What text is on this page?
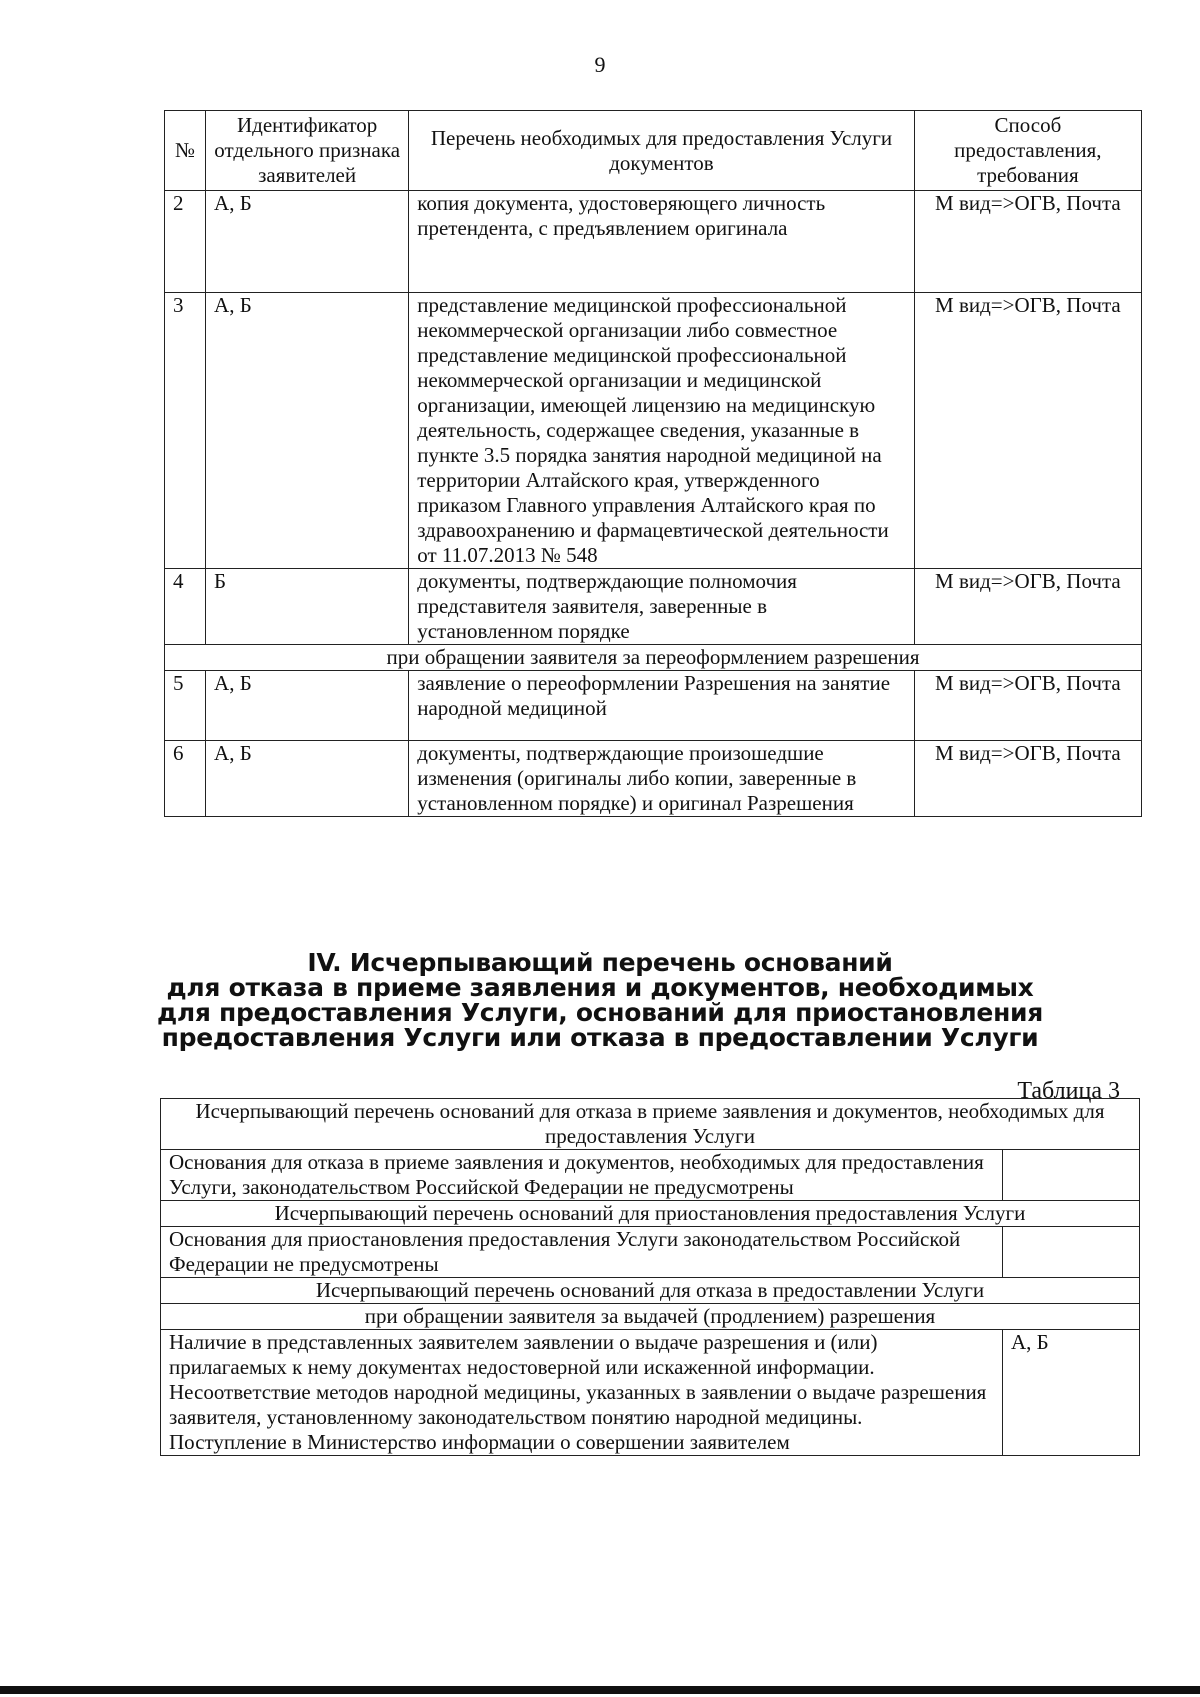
9
№	Идентификатор отдельного признака заявителей	Перечень необходимых для предоставления Услуги документов	Способ предоставления, требования
2	А, Б	копия документа, удостоверяющего личность претендента, с предъявлением оригинала	М вид=>ОГВ, Почта
3	А, Б	представление медицинской профессиональной некоммерческой организации либо совместное представление медицинской профессиональной некоммерческой организации и медицинской организации, имеющей лицензию на медицинскую деятельность, содержащее сведения, указанные в пункте 3.5 порядка занятия народной медициной на территории Алтайского края, утвержденного приказом Главного управления Алтайского края по здравоохранению и фармацевтической деятельности от 11.07.2013 № 548	М вид=>ОГВ, Почта
4	Б	документы, подтверждающие полномочия представителя заявителя, заверенные в установленном порядке	М вид=>ОГВ, Почта
при обращении заявителя за переоформлением разрешения			
5	А, Б	заявление о переоформлении Разрешения на занятие народной медициной	М вид=>ОГВ, Почта
6	А, Б	документы, подтверждающие произошедшие изменения (оригиналы либо копии, заверенные в установленном порядке) и оригинал Разрешения	М вид=>ОГВ, Почта
IV. Исчерпывающий перечень оснований
для отказа в приеме заявления и документов, необходимых
для предоставления Услуги, оснований для приостановления
предоставления Услуги или отказа в предоставлении Услуги
Таблица 3
Исчерпывающий перечень оснований для отказа в приеме заявления и документов, необходимых для предоставления Услуги	
Основания для отказа в приеме заявления и документов, необходимых для предоставления Услуги, законодательством Российской Федерации не предусмотрены	
Исчерпывающий перечень оснований для приостановления предоставления Услуги	
Основания для приостановления предоставления Услуги законодательством Российской Федерации не предусмотрены	
Исчерпывающий перечень оснований для отказа в предоставлении Услуги	
при обращении заявителя за выдачей (продлением) разрешения	

Наличие в представленных заявителем заявлении о выдаче разрешения и (или) прилагаемых к нему документах недостоверной или искаженной информации.
Несоответствие методов народной медицины, указанных в заявлении о выдаче разрешения заявителя, установленному законодательством понятию народной медицины.
Поступление в Министерство информации о совершении заявителем	А, Б
